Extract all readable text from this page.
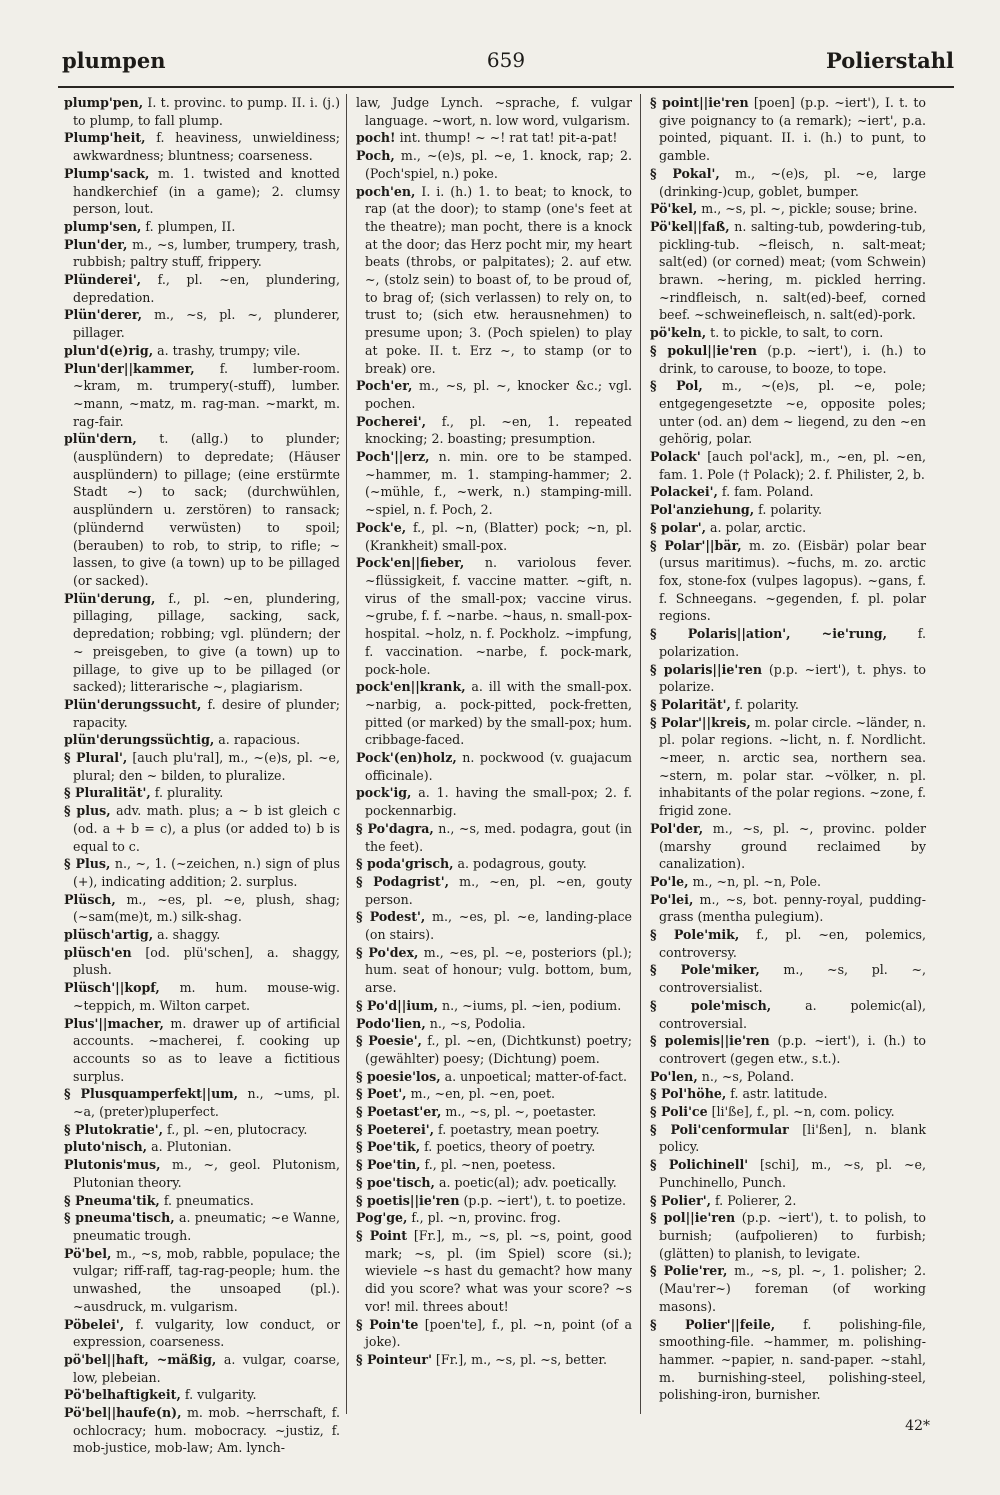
plumpen	659	Polierstahl

plump'pen, I. t. provinc. to pump. II. i. (j.) to plump, to fall plump.

Plump'heit, f. heaviness, unwieldiness; awkwardness; bluntness; coarseness.

Plump'sack, m. 1. twisted and knotted handkerchief (in a game); 2. clumsy person, lout.

plump'sen, f. plumpen, II.

Plun'der, m., ~s, lumber, trumpery, trash, rubbish; paltry stuff, frippery.

Plünderei', f., pl. ~en, plundering, depredation.

Plün'derer, m., ~s, pl. ~, plunderer, pillager.

plun'd(e)rig, a. trashy, trumpy; vile.

Plun'der||kammer, f. lumber-room. ~kram, m. trumpery(-stuff), lumber. ~mann, ~matz, m. rag-man. ~markt, m. rag-fair.

plün'dern, t. (allg.) to plunder; (ausplündern) to depredate; (Häuser ausplündern) to pillage; (eine erstürmte Stadt ~) to sack; (durchwühlen, ausplündern u. zerstören) to ransack; (plündernd verwüsten) to spoil; (berauben) to rob, to strip, to rifle; ~ lassen, to give (a town) up to be pillaged (or sacked).

Plün'derung, f., pl. ~en, plundering, pillaging, pillage, sacking, sack, depredation; robbing; vgl. plündern; der ~ preisgeben, to give (a town) up to pillage, to give up to be pillaged (or sacked); litterarische ~, plagiarism.

Plün'derungssucht, f. desire of plunder; rapacity.

plün'derungssüchtig, a. rapacious.

§ Plural', [auch plu'ral], m., ~(e)s, pl. ~e, plural; den ~ bilden, to pluralize.

§ Pluralität', f. plurality.

§ plus, adv. math. plus; a ~ b ist gleich c (od. a + b = c), a plus (or added to) b is equal to c.

§ Plus, n., ~, 1. (~zeichen, n.) sign of plus (+), indicating addition; 2. surplus.

Plüsch, m., ~es, pl. ~e, plush, shag; (~sam(me)t, m.) silk-shag.

plüsch'artig, a. shaggy.

plüsch'en [od. plü'schen], a. shaggy, plush.

Plüsch'||kopf, m. hum. mouse-wig. ~teppich, m. Wilton carpet.

Plus'||macher, m. drawer up of artificial accounts. ~macherei, f. cooking up accounts so as to leave a fictitious surplus.

§ Plusquamperfekt||um, n., ~ums, pl. ~a, (preter)pluperfect.

§ Plutokratie', f., pl. ~en, plutocracy.

pluto'nisch, a. Plutonian.

Plutonis'mus, m., ~, geol. Plutonism, Plutonian theory.

§ Pneuma'tik, f. pneumatics.

§ pneuma'tisch, a. pneumatic; ~e Wanne, pneumatic trough.

Pö'bel, m., ~s, mob, rabble, populace; the vulgar; riff-raff, tag-rag-people; hum. the unwashed, the unsoaped (pl.). ~ausdruck, m. vulgarism.

Pöbelei', f. vulgarity, low conduct, or expression, coarseness.

pö'bel||haft, ~mäßig, a. vulgar, coarse, low, plebeian.

Pö'belhaftigkeit, f. vulgarity.

Pö'bel||haufe(n), m. mob. ~herrschaft, f. ochlocracy; hum. mobocracy. ~justiz, f. mob-justice, mob-law; Am. lynch-

law, Judge Lynch. ~sprache, f. vulgar language. ~wort, n. low word, vulgarism.

poch! int. thump! ~ ~! rat tat! pit-a-pat!

Poch, m., ~(e)s, pl. ~e, 1. knock, rap; 2. (Poch'spiel, n.) poke.

poch'en, I. i. (h.) 1. to beat; to knock, to rap (at the door); to stamp (one's feet at the theatre); man pocht, there is a knock at the door; das Herz pocht mir, my heart beats (throbs, or palpitates); 2. auf etw. ~, (stolz sein) to boast of, to be proud of, to brag of; (sich verlassen) to rely on, to trust to; (sich etw. herausnehmen) to presume upon; 3. (Poch spielen) to play at poke. II. t. Erz ~, to stamp (or to break) ore.

Poch'er, m., ~s, pl. ~, knocker &c.; vgl. pochen.

Pocherei', f., pl. ~en, 1. repeated knocking; 2. boasting; presumption.

Poch'||erz, n. min. ore to be stamped. ~hammer, m. 1. stamping-hammer; 2. (~mühle, f., ~werk, n.) stamping-mill. ~spiel, n. f. Poch, 2.

Pock'e, f., pl. ~n, (Blatter) pock; ~n, pl. (Krankheit) small-pox.

Pock'en||fieber, n. variolous fever. ~flüssigkeit, f. vaccine matter. ~gift, n. virus of the small-pox; vaccine virus. ~grube, f. f. ~narbe. ~haus, n. small-pox-hospital. ~holz, n. f. Pockholz. ~impfung, f. vaccination. ~narbe, f. pock-mark, pock-hole.

pock'en||krank, a. ill with the small-pox. ~narbig, a. pock-pitted, pock-fretten, pitted (or marked) by the small-pox; hum. cribbage-faced.

Pock'(en)holz, n. pockwood (v. guajacum officinale).

pock'ig, a. 1. having the small-pox; 2. f. pockennarbig.

§ Po'dagra, n., ~s, med. podagra, gout (in the feet).

§ poda'grisch, a. podagrous, gouty.

§ Podagrist', m., ~en, pl. ~en, gouty person.

§ Podest', m., ~es, pl. ~e, landing-place (on stairs).

§ Po'dex, m., ~es, pl. ~e, posteriors (pl.); hum. seat of honour; vulg. bottom, bum, arse.

§ Po'd||ium, n., ~iums, pl. ~ien, podium.

Podo'lien, n., ~s, Podolia.

§ Poesie', f., pl. ~en, (Dichtkunst) poetry; (gewählter) poesy; (Dichtung) poem.

§ poesie'los, a. unpoetical; matter-of-fact.

§ Poet', m., ~en, pl. ~en, poet.

§ Poetast'er, m., ~s, pl. ~, poetaster.

§ Poeterei', f. poetastry, mean poetry.

§ Poe'tik, f. poetics, theory of poetry.

§ Poe'tin, f., pl. ~nen, poetess.

§ poe'tisch, a. poetic(al); adv. poetically.

§ poetis||ie'ren (p.p. ~iert'), t. to poetize.

Pog'ge, f., pl. ~n, provinc. frog.

§ Point [Fr.], m., ~s, pl. ~s, point, good mark; ~s, pl. (im Spiel) score (si.); wieviele ~s hast du gemacht? how many did you score? what was your score? ~s vor! mil. threes about!

§ Poin'te [poen'te], f., pl. ~n, point (of a joke).

§ Pointeur' [Fr.], m., ~s, pl. ~s, better.

§ point||ie'ren [poen] (p.p. ~iert'), I. t. to give poignancy to (a remark); ~iert', p.a. pointed, piquant. II. i. (h.) to punt, to gamble.

§ Pokal', m., ~(e)s, pl. ~e, large (drinking-)cup, goblet, bumper.

Pö'kel, m., ~s, pl. ~, pickle; souse; brine.

Pö'kel||faß, n. salting-tub, powdering-tub, pickling-tub. ~fleisch, n. salt-meat; salt(ed) (or corned) meat; (vom Schwein) brawn. ~hering, m. pickled herring. ~rindfleisch, n. salt(ed)-beef, corned beef. ~schweinefleisch, n. salt(ed)-pork.

pö'keln, t. to pickle, to salt, to corn.

§ pokul||ie'ren (p.p. ~iert'), i. (h.) to drink, to carouse, to booze, to tope.

§ Pol, m., ~(e)s, pl. ~e, pole; entgegengesetzte ~e, opposite poles; unter (od. an) dem ~ liegend, zu den ~en gehörig, polar.

Polack' [auch pol'ack], m., ~en, pl. ~en, fam. 1. Pole († Polack); 2. f. Philister, 2, b.

Polackei', f. fam. Poland.

Pol'anziehung, f. polarity.

§ polar', a. polar, arctic.

§ Polar'||bär, m. zo. (Eisbär) polar bear (ursus maritimus). ~fuchs, m. zo. arctic fox, stone-fox (vulpes lagopus). ~gans, f. f. Schneegans. ~gegenden, f. pl. polar regions.

§ Polaris||ation', ~ie'rung, f. polarization.

§ polaris||ie'ren (p.p. ~iert'), t. phys. to polarize.

§ Polarität', f. polarity.

§ Polar'||kreis, m. polar circle. ~länder, n. pl. polar regions. ~licht, n. f. Nordlicht. ~meer, n. arctic sea, northern sea. ~stern, m. polar star. ~völker, n. pl. inhabitants of the polar regions. ~zone, f. frigid zone.

Pol'der, m., ~s, pl. ~, provinc. polder (marshy ground reclaimed by canalization).

Po'le, m., ~n, pl. ~n, Pole.

Po'lei, m., ~s, bot. penny-royal, pudding-grass (mentha pulegium).

§ Pole'mik, f., pl. ~en, polemics, controversy.

§ Pole'miker, m., ~s, pl. ~, controversialist.

§ pole'misch, a. polemic(al), controversial.

§ polemis||ie'ren (p.p. ~iert'), i. (h.) to controvert (gegen etw., s.t.).

Po'len, n., ~s, Poland.

§ Pol'höhe, f. astr. latitude.

§ Poli'ce [li'ße], f., pl. ~n, com. policy.

§ Poli'cenformular [li'ßen], n. blank policy.

§ Polichinell' [schi], m., ~s, pl. ~e, Punchinello, Punch.

§ Polier', f. Polierer, 2.

§ pol||ie'ren (p.p. ~iert'), t. to polish, to burnish; (aufpolieren) to furbish; (glätten) to planish, to levigate.

§ Polie'rer, m., ~s, pl. ~, 1. polisher; 2. (Mau'rer~) foreman (of working masons).

§ Polier'||feile, f. polishing-file, smoothing-file. ~hammer, m. polishing-hammer. ~papier, n. sand-paper. ~stahl, m. burnishing-steel, polishing-steel, polishing-iron, burnisher.

42*
